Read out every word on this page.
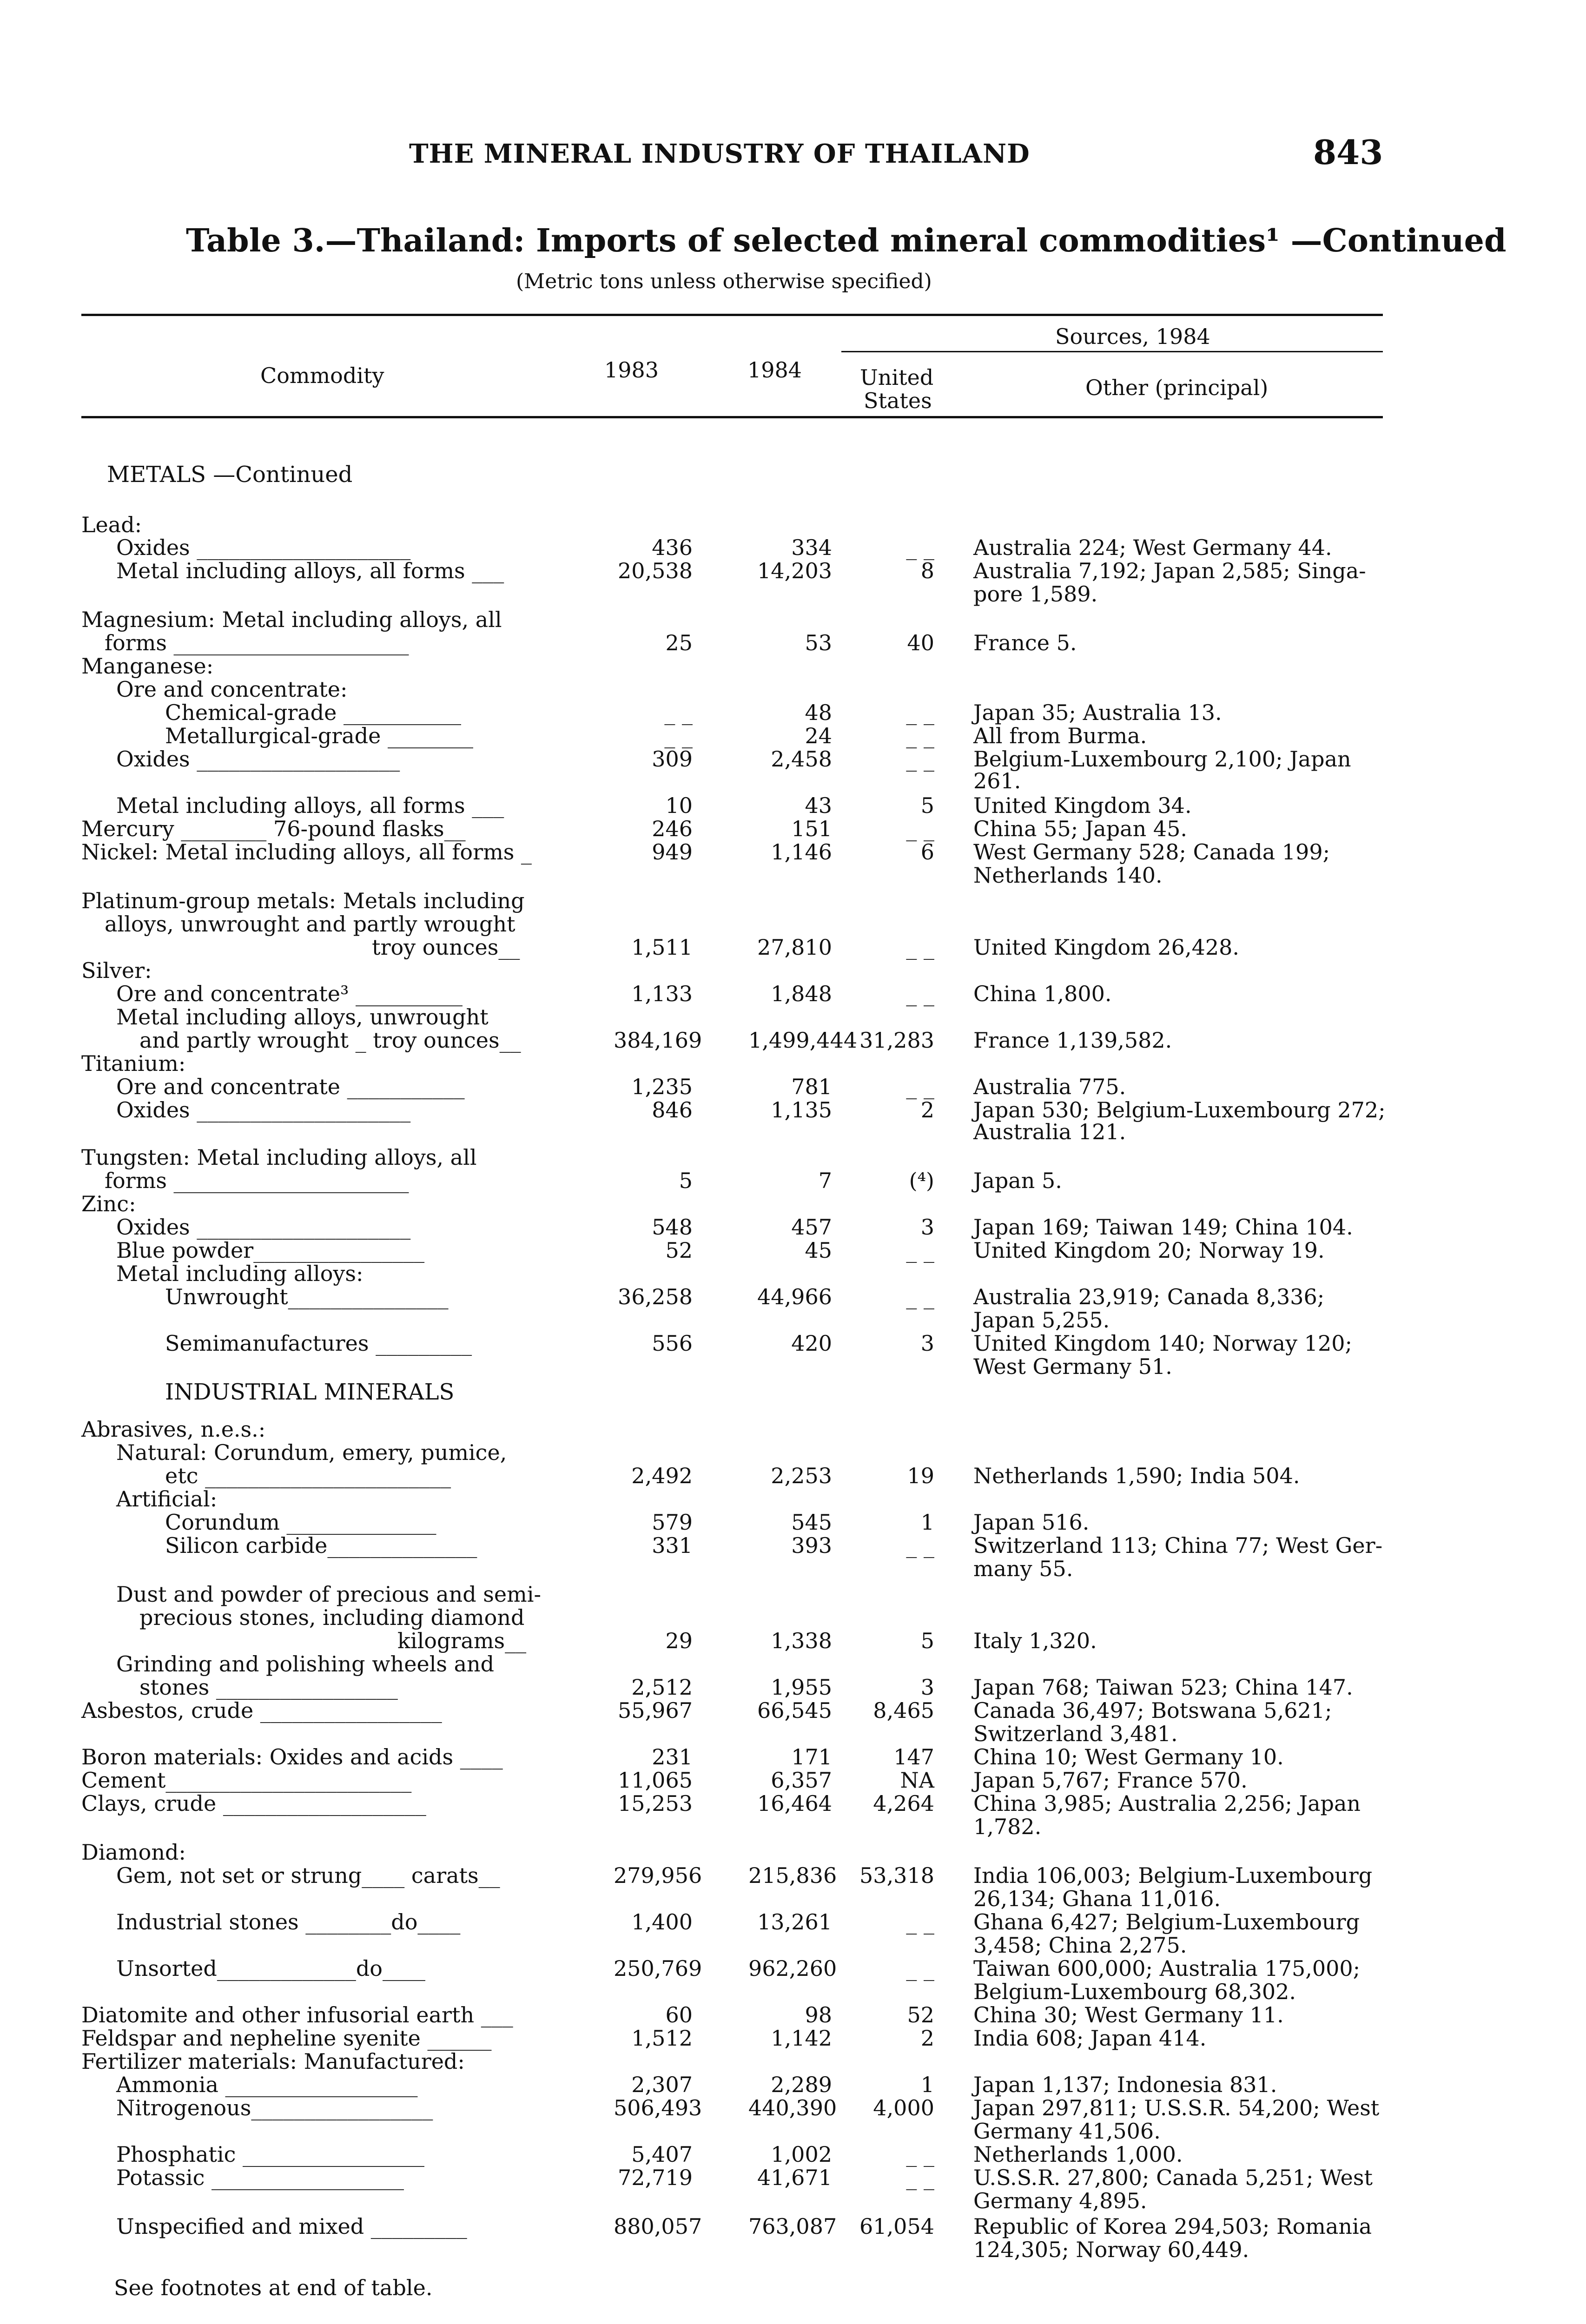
THE MINERAL INDUSTRY OF THAILAND	843
Table 3.—Thailand: Imports of selected mineral commodities¹ —Continued
(Metric tons unless otherwise specified)
Commodity	1983	1984
Sources, 1984
United
States
Other (principal)
METALS —Continued
Lead:
Oxides ____________________	436	334	_ _ Australia 224; West Germany 44.
Metal including alloys, all forms ___	20,538	14,203	8 Australia 7,192; Japan 2,585; Singa-
pore 1,589.
Magnesium: Metal including alloys, all
forms ______________________	25	53	40 France 5.
Manganese:
Ore and concentrate:
Chemical-grade ___________	_ _	48	_ _ Japan 35; Australia 13.
Metallurgical-grade ________	_ _	24	_ _ All from Burma.
Oxides ___________________	309	2,458	_ _ Belgium-Luxembourg 2,100; Japan
261.
Metal including alloys, all forms ___	10	43	5 United Kingdom 34.
Mercury ________ 76-pound flasks__	246	151	_ _ China 55; Japan 45.
Nickel: Metal including alloys, all forms _	949	1,146	6 West Germany 528; Canada 199;
Netherlands 140.
Platinum-group metals: Metals including
alloys, unwrought and partly wrought
troy ounces__	1,511	27,810	_ _ United Kingdom 26,428.
Silver:
Ore and concentrate³ __________	1,133	1,848	_ _ China 1,800.
Metal including alloys, unwrought
and partly wrought _ troy ounces__	384,169 1,499,444 31,283 France 1,139,582.
Titanium:
Ore and concentrate ___________	1,235	781	_ _ Australia 775.
Oxides ____________________	846	1,135	2 Japan 530; Belgium-Luxembourg 272;
Australia 121.
Tungsten: Metal including alloys, all
forms ______________________	5	7	(⁴) Japan 5.
Zinc:
Oxides ____________________	548	457	3 Japan 169; Taiwan 149; China 104.
Blue powder________________	52	45	_ _ United Kingdom 20; Norway 19.
Metal including alloys:
Unwrought_______________	36,258	44,966	_ _ Australia 23,919; Canada 8,336;
Japan 5,255.
Semimanufactures _________	556	420	3 United Kingdom 140; Norway 120;
West Germany 51.
INDUSTRIAL MINERALS
Abrasives, n.e.s.:
Natural: Corundum, emery, pumice,
etc _______________________	2,492	2,253	19 Netherlands 1,590; India 504.
Artificial:
Corundum ______________	579	545	1 Japan 516.
Silicon carbide______________	331	393	_ _ Switzerland 113; China 77; West Ger-
many 55.
Dust and powder of precious and semi-
precious stones, including diamond
kilograms__	29	1,338	5 Italy 1,320.
Grinding and polishing wheels and
stones _________________	2,512	1,955	3 Japan 768; Taiwan 523; China 147.
Asbestos, crude _________________	55,967	66,545	8,465 Canada 36,497; Botswana 5,621;
Switzerland 3,481.
Boron materials: Oxides and acids ____	231	171	147 China 10; West Germany 10.
Cement_______________________	11,065	6,357	NA Japan 5,767; France 570.
Clays, crude ___________________	15,253	16,464	4,264 China 3,985; Australia 2,256; Japan
1,782.
Diamond:
Gem, not set or strung____ carats__	279,956 215,836	53,318 India 106,003; Belgium-Luxembourg
26,134; Ghana 11,016.
Industrial stones ________do____	1,400	13,261	_ _ Ghana 6,427; Belgium-Luxembourg
3,458; China 2,275.
Unsorted_____________do____	250,769 962,260	_ _ Taiwan 600,000; Australia 175,000;
Belgium-Luxembourg 68,302.
Diatomite and other infusorial earth ___	60	98	52 China 30; West Germany 11.
Feldspar and nepheline syenite ______	1,512	1,142	2 India 608; Japan 414.
Fertilizer materials: Manufactured:
Ammonia __________________	2,307	2,289	1 Japan 1,137; Indonesia 831.
Nitrogenous_________________	506,493 440,390	4,000 Japan 297,811; U.S.S.R. 54,200; West
Germany 41,506.
Phosphatic _________________	5,407	1,002	_ _ Netherlands 1,000.
Potassic __________________	72,719	41,671	_ _ U.S.S.R. 27,800; Canada 5,251; West
Germany 4,895.
Unspecified and mixed _________	880,057 763,087	61,054 Republic of Korea 294,503; Romania
124,305; Norway 60,449.
See footnotes at end of table.
